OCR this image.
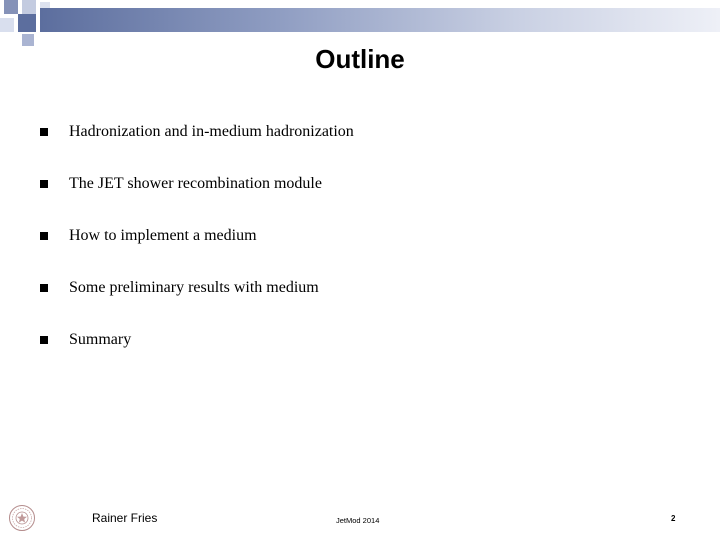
Outline
Hadronization and in-medium hadronization
The JET shower recombination module
How to implement a medium
Some preliminary results with medium
Summary
Rainer Fries	JetMod 2014	2
